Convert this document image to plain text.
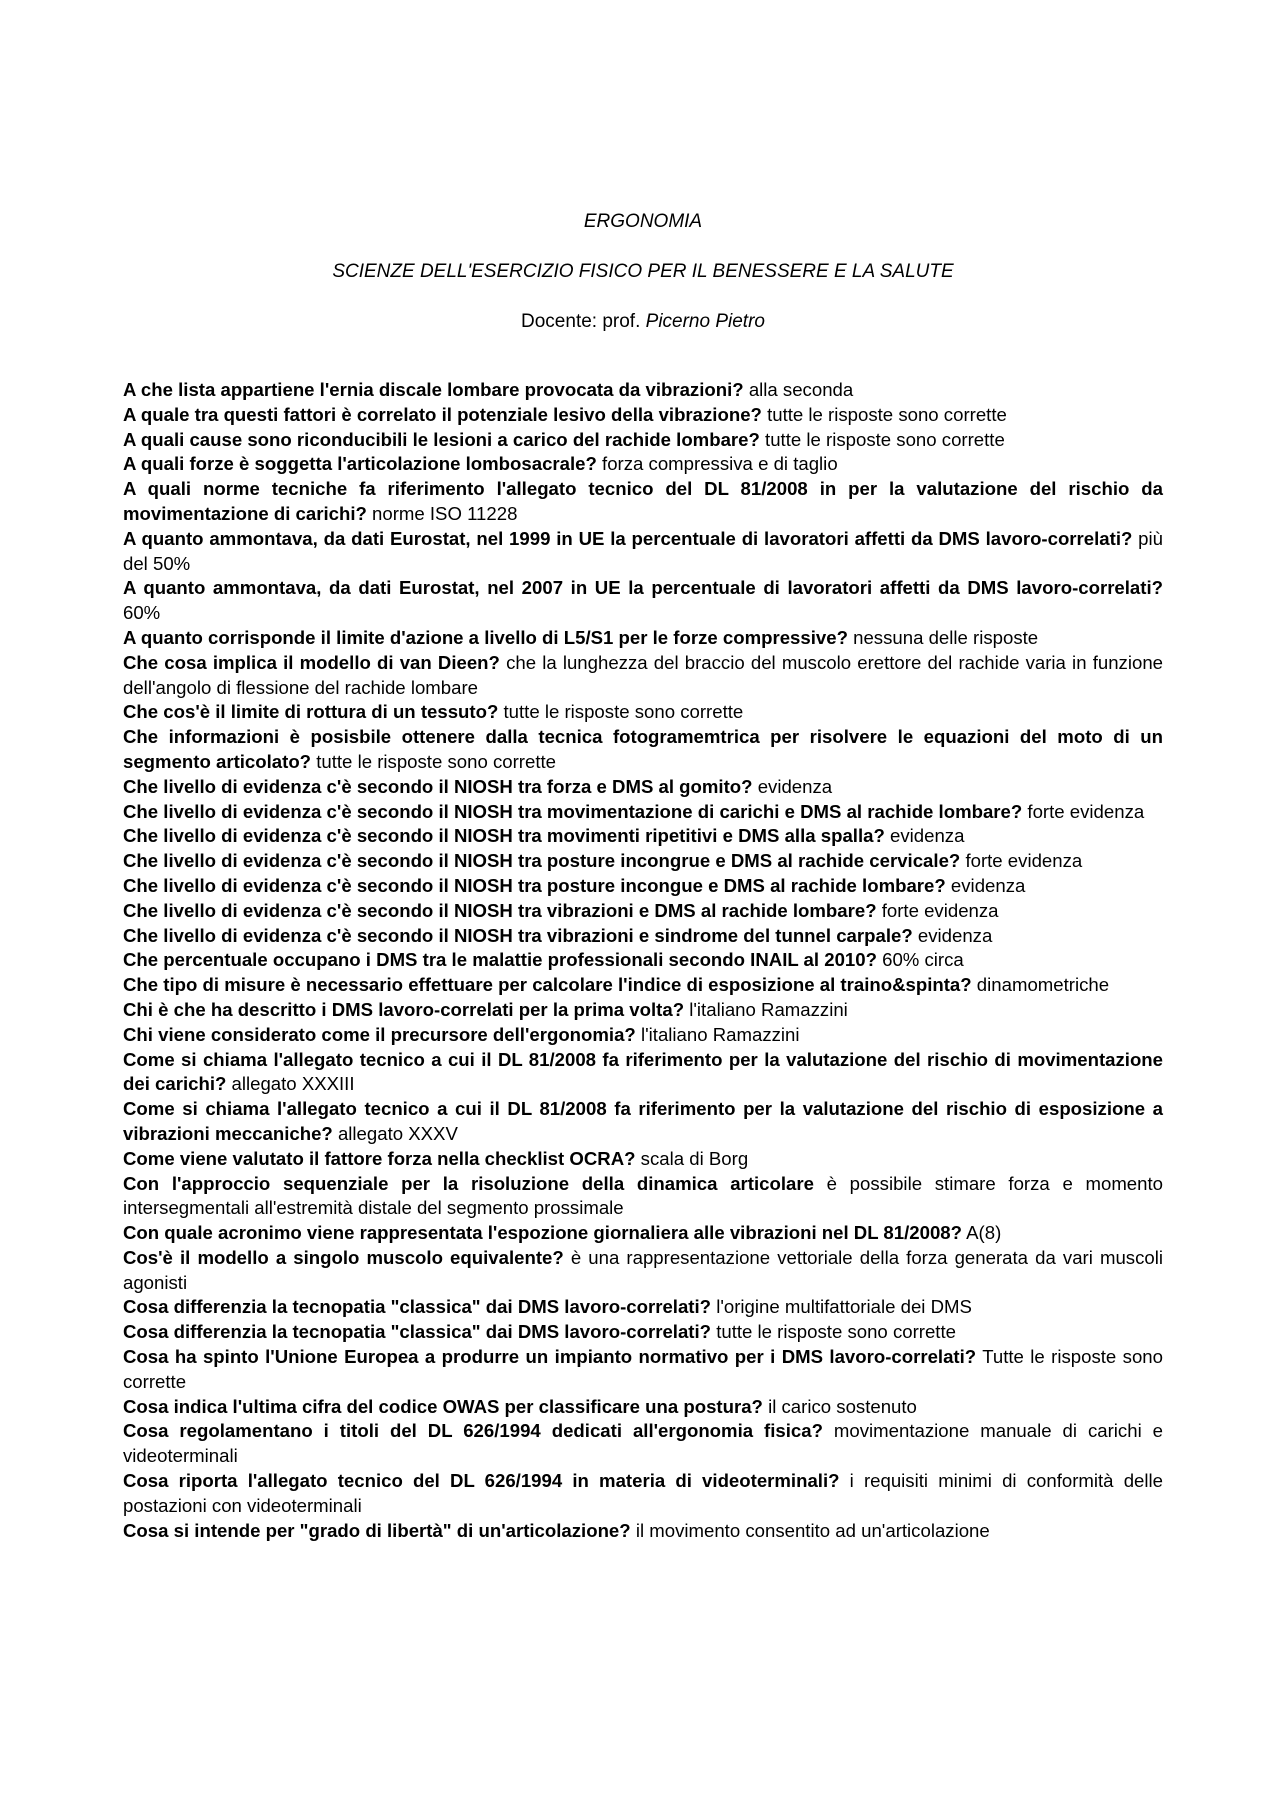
ERGONOMIA
SCIENZE DELL'ESERCIZIO FISICO PER IL BENESSERE E LA SALUTE
Docente: prof. Picerno Pietro
A che lista appartiene l'ernia discale lombare provocata da vibrazioni? alla seconda
A quale tra questi fattori è correlato il potenziale lesivo della vibrazione? tutte le risposte sono corrette
A quali cause sono riconducibili le lesioni a carico del rachide lombare? tutte le risposte sono corrette
A quali forze è soggetta l'articolazione lombosacrale? forza compressiva e di taglio
A quali norme tecniche fa riferimento l'allegato tecnico del DL 81/2008 in per la valutazione del rischio da movimentazione di carichi? norme ISO 11228
A quanto ammontava, da dati Eurostat, nel 1999 in UE la percentuale di lavoratori affetti da DMS lavoro-correlati? più del 50%
A quanto ammontava, da dati Eurostat, nel 2007 in UE la percentuale di lavoratori affetti da DMS lavoro-correlati? 60%
A quanto corrisponde il limite d'azione a livello di L5/S1 per le forze compressive? nessuna delle risposte
Che cosa implica il modello di van Dieen? che la lunghezza del braccio del muscolo erettore del rachide varia in funzione dell'angolo di flessione del rachide lombare
Che cos'è il limite di rottura di un tessuto? tutte le risposte sono corrette
Che informazioni è posisbile ottenere dalla tecnica fotogramemtrica per risolvere le equazioni del moto di un segmento articolato? tutte le risposte sono corrette
Che livello di evidenza c'è secondo il NIOSH tra forza e DMS al gomito? evidenza
Che livello di evidenza c'è secondo il NIOSH tra movimentazione di carichi e DMS al rachide lombare? forte evidenza
Che livello di evidenza c'è secondo il NIOSH tra movimenti ripetitivi e DMS alla spalla? evidenza
Che livello di evidenza c'è secondo il NIOSH tra posture incongrue e DMS al rachide cervicale? forte evidenza
Che livello di evidenza c'è secondo il NIOSH tra posture incongue e DMS al rachide lombare? evidenza
Che livello di evidenza c'è secondo il NIOSH tra vibrazioni e DMS al rachide lombare? forte evidenza
Che livello di evidenza c'è secondo il NIOSH tra vibrazioni e sindrome del tunnel carpale? evidenza
Che percentuale occupano i DMS tra le malattie professionali secondo INAIL al 2010? 60% circa
Che tipo di misure è necessario effettuare per calcolare l'indice di esposizione al traino&spinta? dinamometriche
Chi è che ha descritto i DMS lavoro-correlati per la prima volta? l'italiano Ramazzini
Chi viene considerato come il precursore dell'ergonomia? l'italiano Ramazzini
Come si chiama l'allegato tecnico a cui il DL 81/2008 fa riferimento per la valutazione del rischio di movimentazione dei carichi? allegato XXXIII
Come si chiama l'allegato tecnico a cui il DL 81/2008 fa riferimento per la valutazione del rischio di esposizione a vibrazioni meccaniche? allegato XXXV
Come viene valutato il fattore forza nella checklist OCRA? scala di Borg
Con l'approccio sequenziale per la risoluzione della dinamica articolare è possibile stimare forza e momento intersegmentali all'estremità distale del segmento prossimale
Con quale acronimo viene rappresentata l'espozione giornaliera alle vibrazioni nel DL 81/2008? A(8)
Cos'è il modello a singolo muscolo equivalente? è una rappresentazione vettoriale della forza generata da vari muscoli agonisti
Cosa differenzia la tecnopatia "classica" dai DMS lavoro-correlati? l'origine multifattoriale dei DMS
Cosa differenzia la tecnopatia "classica" dai DMS lavoro-correlati? tutte le risposte sono corrette
Cosa ha spinto l'Unione Europea a produrre un impianto normativo per i DMS lavoro-correlati? Tutte le risposte sono corrette
Cosa indica l'ultima cifra del codice OWAS per classificare una postura? il carico sostenuto
Cosa regolamentano i titoli del DL 626/1994 dedicati all'ergonomia fisica? movimentazione manuale di carichi e videoterminali
Cosa riporta l'allegato tecnico del DL 626/1994 in materia di videoterminali? i requisiti minimi di conformità delle postazioni con videoterminali
Cosa si intende per "grado di libertà" di un'articolazione? il movimento consentito ad un'articolazione
